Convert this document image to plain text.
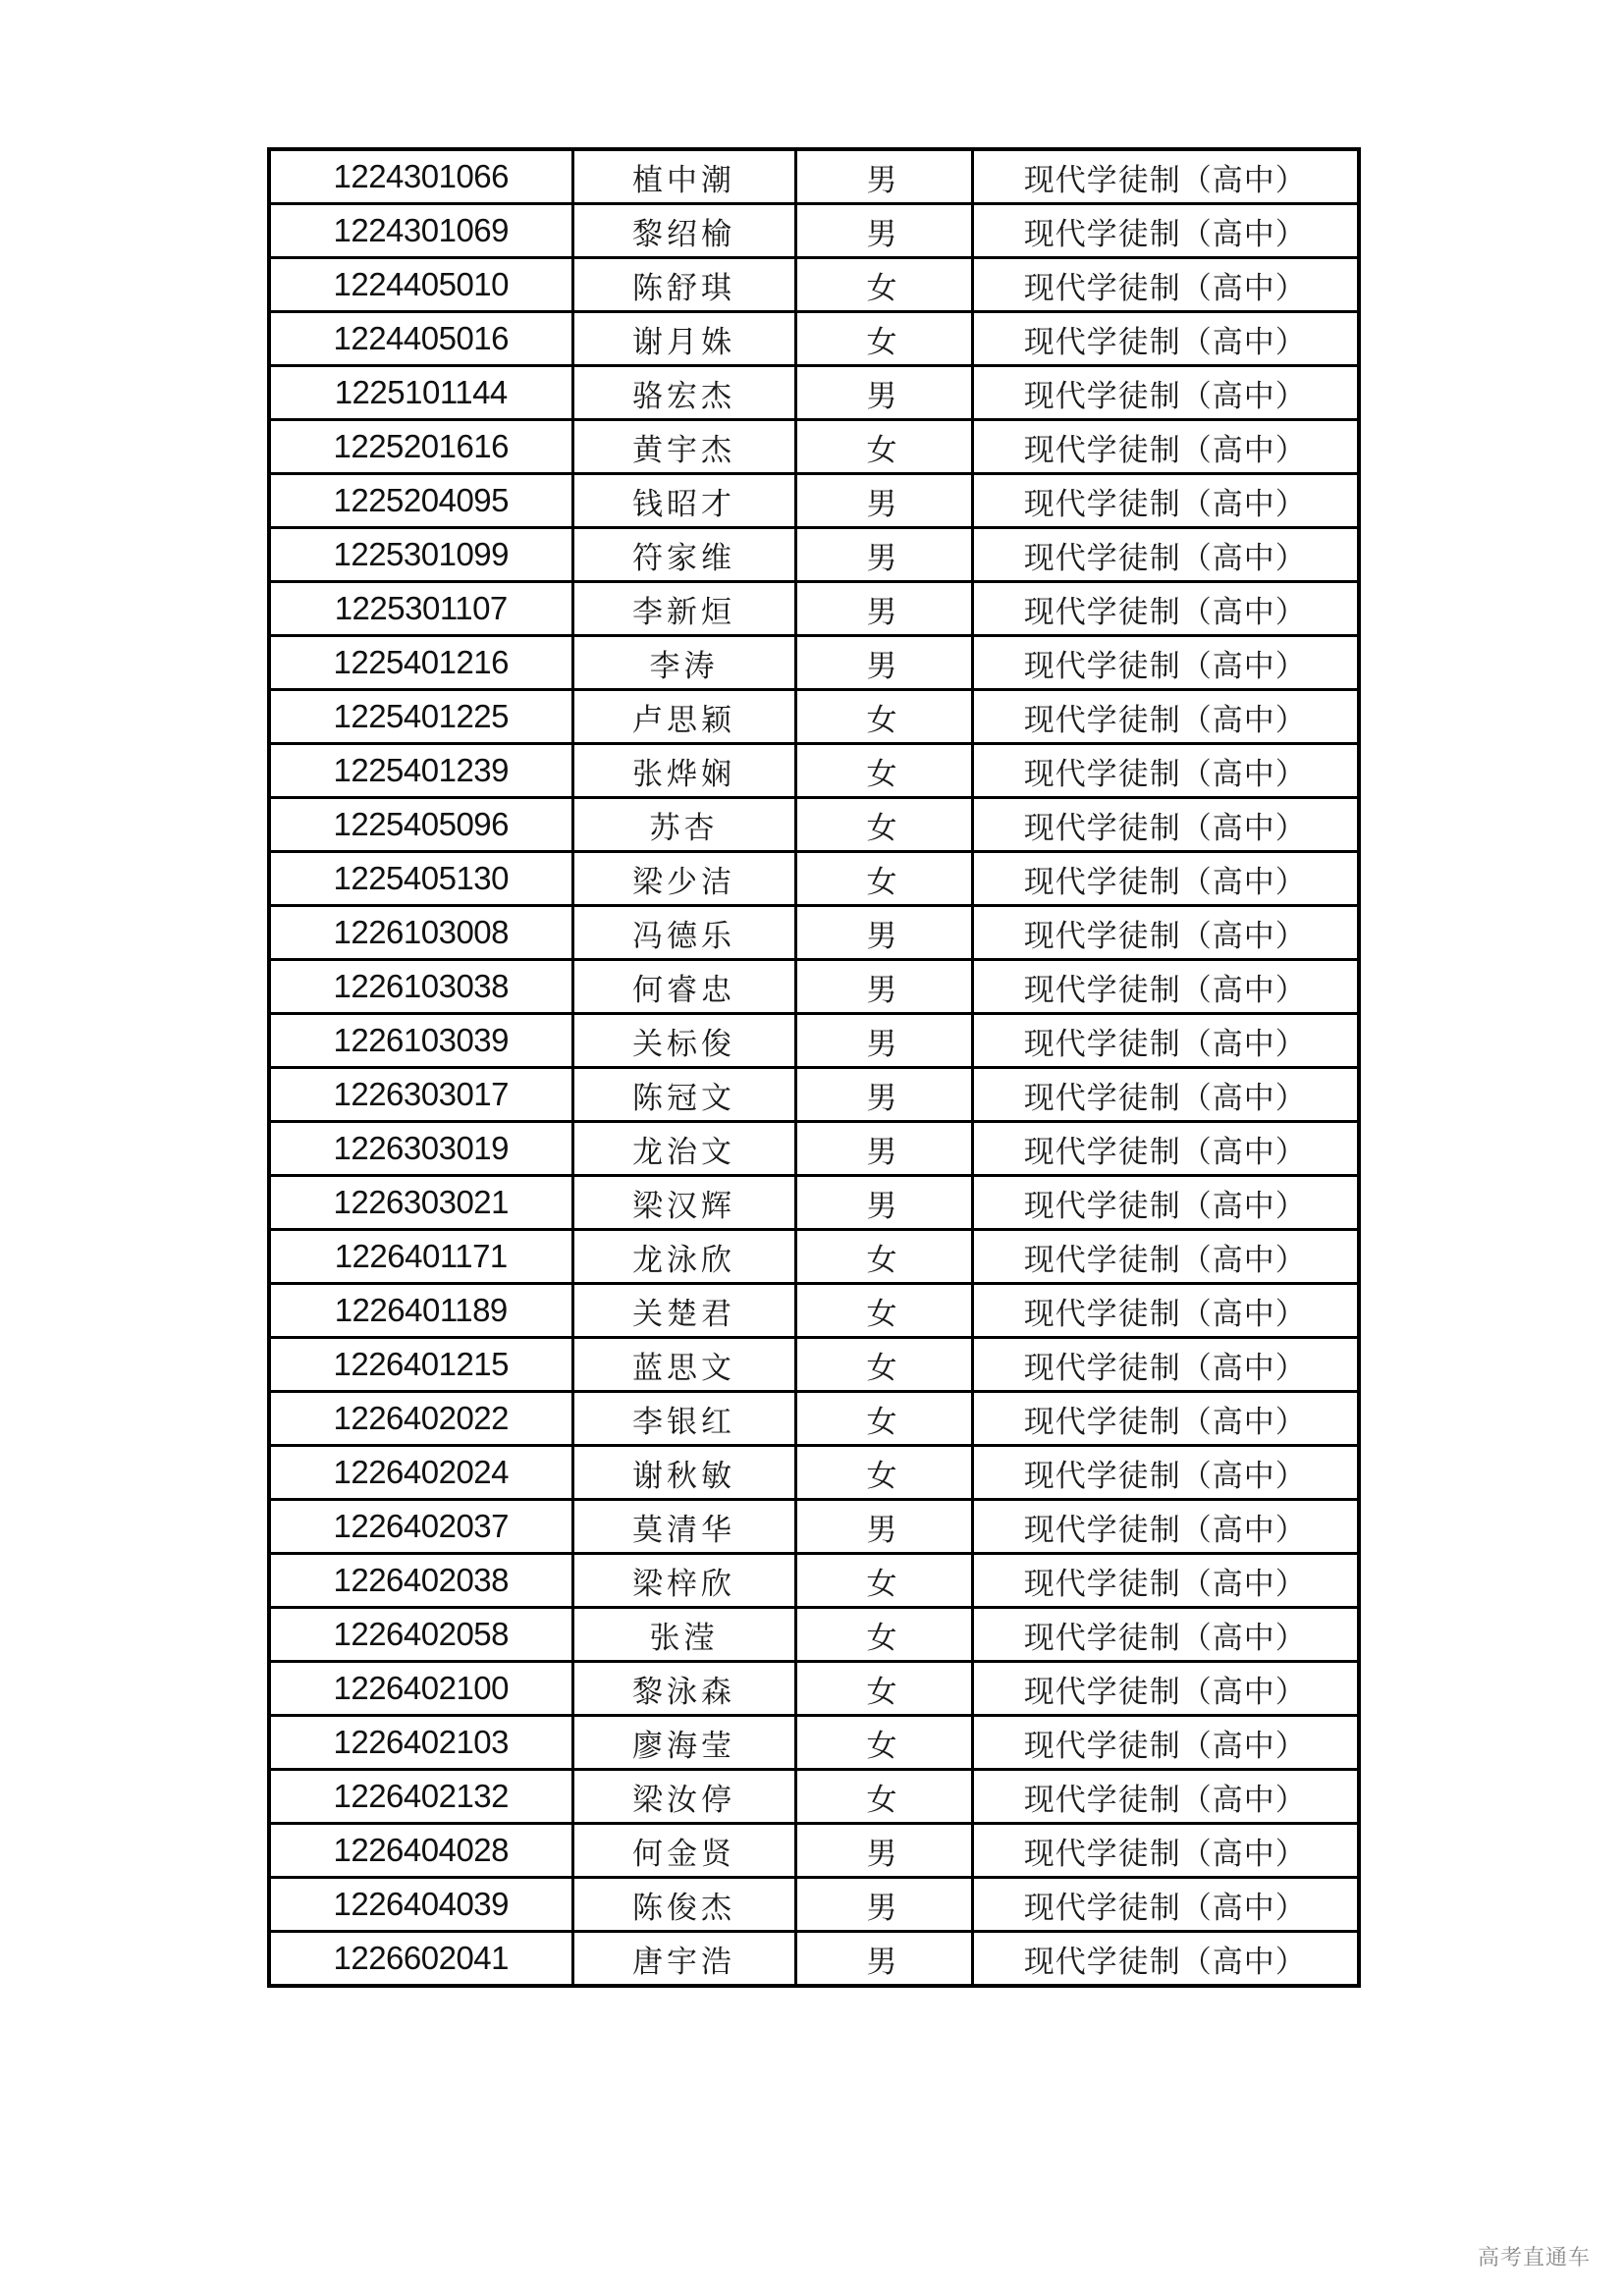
1224301066	植中潮	男	现代学徒制（高中）
1224301069	黎绍榆	男	现代学徒制（高中）
1224405010	陈舒琪	女	现代学徒制（高中）
1224405016	谢月姝	女	现代学徒制（高中）
1225101144	骆宏杰	男	现代学徒制（高中）
1225201616	黄宇杰	女	现代学徒制（高中）
1225204095	钱昭才	男	现代学徒制（高中）
1225301099	符家维	男	现代学徒制（高中）
1225301107	李新烜	男	现代学徒制（高中）
1225401216	李涛	男	现代学徒制（高中）
1225401225	卢思颖	女	现代学徒制（高中）
1225401239	张烨娴	女	现代学徒制（高中）
1225405096	苏杏	女	现代学徒制（高中）
1225405130	梁少洁	女	现代学徒制（高中）
1226103008	冯德乐	男	现代学徒制（高中）
1226103038	何睿忠	男	现代学徒制（高中）
1226103039	关标俊	男	现代学徒制（高中）
1226303017	陈冠文	男	现代学徒制（高中）
1226303019	龙治文	男	现代学徒制（高中）
1226303021	梁汉辉	男	现代学徒制（高中）
1226401171	龙泳欣	女	现代学徒制（高中）
1226401189	关楚君	女	现代学徒制（高中）
1226401215	蓝思文	女	现代学徒制（高中）
1226402022	李银红	女	现代学徒制（高中）
1226402024	谢秋敏	女	现代学徒制（高中）
1226402037	莫清华	男	现代学徒制（高中）
1226402038	梁梓欣	女	现代学徒制（高中）
1226402058	张滢	女	现代学徒制（高中）
1226402100	黎泳森	女	现代学徒制（高中）
1226402103	廖海莹	女	现代学徒制（高中）
1226402132	梁汝停	女	现代学徒制（高中）
1226404028	何金贤	男	现代学徒制（高中）
1226404039	陈俊杰	男	现代学徒制（高中）
1226602041	唐宇浩	男	现代学徒制（高中）
高考直通车
